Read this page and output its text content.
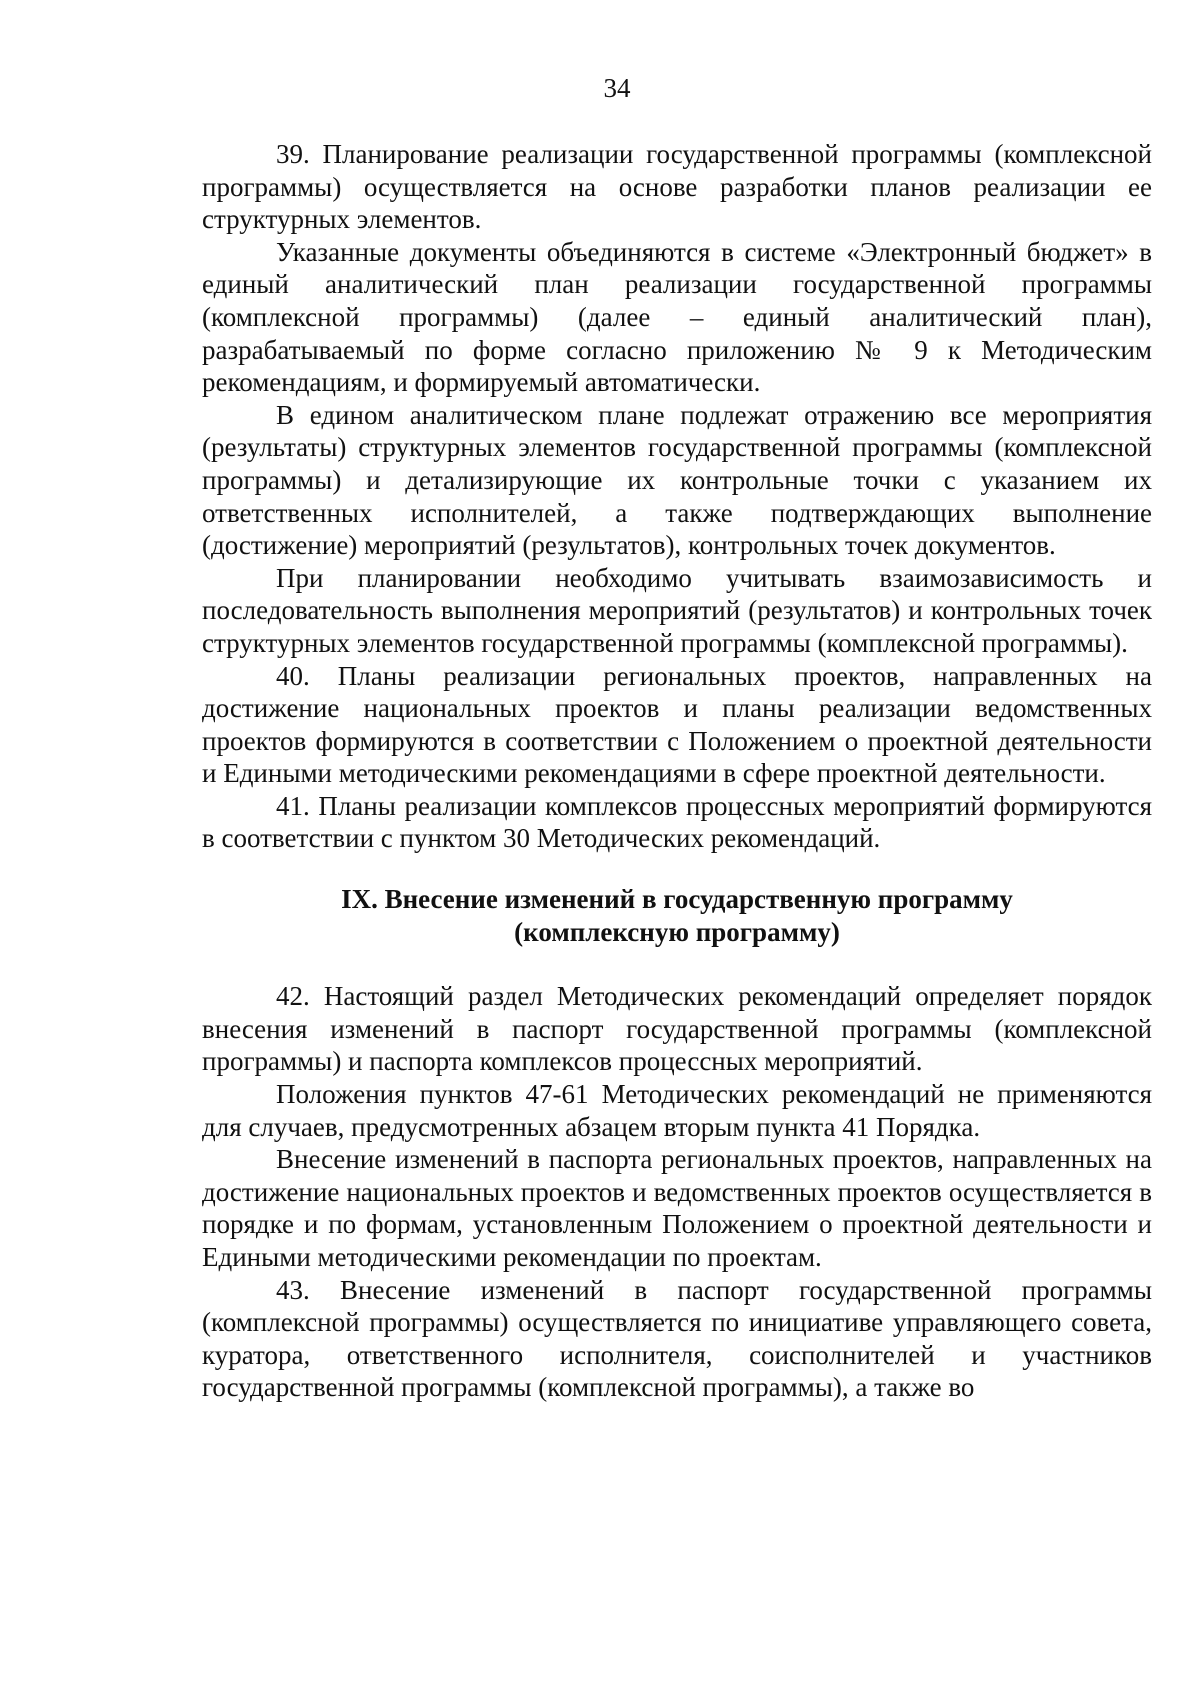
34

39. Планирование реализации государственной программы (комплексной программы) осуществляется на основе разработки планов реализации ее структурных элементов.

Указанные документы объединяются в системе «Электронный бюджет» в единый аналитический план реализации государственной программы (комплексной программы) (далее – единый аналитический план), разрабатываемый по форме согласно приложению № 9 к Методическим рекомендациям, и формируемый автоматически.

В едином аналитическом плане подлежат отражению все мероприятия (результаты) структурных элементов государственной программы (комплексной программы) и детализирующие их контрольные точки с указанием их ответственных исполнителей, а также подтверждающих выполнение (достижение) мероприятий (результатов), контрольных точек документов.

При планировании необходимо учитывать взаимозависимость и последовательность выполнения мероприятий (результатов) и контрольных точек структурных элементов государственной программы (комплексной программы).

40. Планы реализации региональных проектов, направленных на достижение национальных проектов и планы реализации ведомственных проектов формируются в соответствии с Положением о проектной деятельности и Едиными методическими рекомендациями в сфере проектной деятельности.

41. Планы реализации комплексов процессных мероприятий формируются в соответствии с пунктом 30 Методических рекомендаций.

IX. Внесение изменений в государственную программу
(комплексную программу)

42. Настоящий раздел Методических рекомендаций определяет порядок внесения изменений в паспорт государственной программы (комплексной программы) и паспорта комплексов процессных мероприятий.

Положения пунктов 47-61 Методических рекомендаций не применяются для случаев, предусмотренных абзацем вторым пункта 41 Порядка.

Внесение изменений в паспорта региональных проектов, направленных на достижение национальных проектов и ведомственных проектов осуществляется в порядке и по формам, установленным Положением о проектной деятельности и Едиными методическими рекомендации по проектам.

43. Внесение изменений в паспорт государственной программы (комплексной программы) осуществляется по инициативе управляющего совета, куратора, ответственного исполнителя, соисполнителей и участников государственной программы (комплексной программы), а также во
